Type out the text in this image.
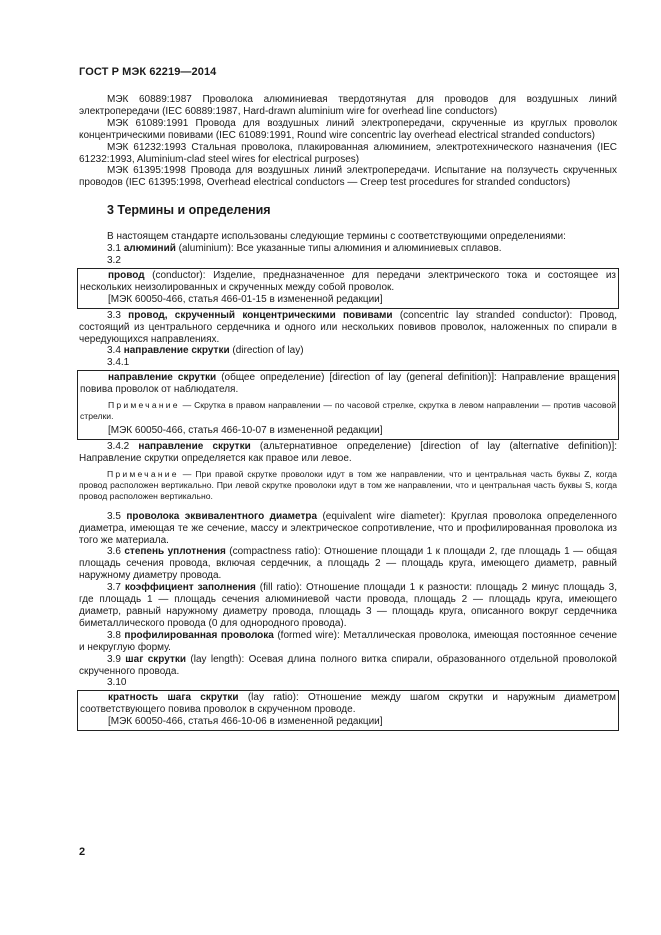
ГОСТ Р МЭК 62219—2014

МЭК 60889:1987 Проволока алюминиевая твердотянутая для проводов для воздушных линий электропередачи (IEC 60889:1987, Hard-drawn aluminium wire for overhead line conductors)

МЭК 61089:1991 Провода для воздушных линий электропередачи, скрученные из круглых проволок концентрическими повивами (IEC 61089:1991, Round wire concentric lay overhead electrical stranded conductors)

МЭК 61232:1993 Стальная проволока, плакированная алюминием, электротехнического назначения (IEC 61232:1993, Aluminium-clad steel wires for electrical purposes)

МЭК 61395:1998 Провода для воздушных линий электропередачи. Испытание на ползучесть скрученных проводов (IEC 61395:1998, Overhead electrical conductors — Creep test procedures for stranded conductors)

3 Термины и определения

В настоящем стандарте использованы следующие термины с соответствующими определениями:

3.1 алюминий (aluminium): Все указанные типы алюминия и алюминиевых сплавов.

3.2

провод (conductor): Изделие, предназначенное для передачи электрического тока и состоящее из нескольких неизолированных и скрученных между собой проволок.

[МЭК 60050-466, статья 466-01-15 в измененной редакции]

3.3 провод, скрученный концентрическими повивами (concentric lay stranded conductor): Провод, состоящий из центрального сердечника и одного или нескольких повивов проволок, наложенных по спирали в чередующихся направлениях.

3.4 направление скрутки (direction of lay)

3.4.1

направление скрутки (общее определение) [direction of lay (general definition)]: Направление вращения повива проволок от наблюдателя.

Примечание — Скрутка в правом направлении — по часовой стрелке, скрутка в левом направлении — против часовой стрелки.

[МЭК 60050-466, статья 466-10-07 в измененной редакции]

3.4.2 направление скрутки (альтернативное определение) [direction of lay (alternative definition)]: Направление скрутки определяется как правое или левое.

Примечание — При правой скрутке проволоки идут в том же направлении, что и центральная часть буквы Z, когда провод расположен вертикально. При левой скрутке проволоки идут в том же направлении, что и центральная часть буквы S, когда провод расположен вертикально.

3.5 проволока эквивалентного диаметра (equivalent wire diameter): Круглая проволока определенного диаметра, имеющая те же сечение, массу и электрическое сопротивление, что и профилированная проволока из того же материала.

3.6 степень уплотнения (compactness ratio): Отношение площади 1 к площади 2, где площадь 1 — общая площадь сечения провода, включая сердечник, а площадь 2 — площадь круга, имеющего диаметр, равный наружному диаметру провода.

3.7 коэффициент заполнения (fill ratio): Отношение площади 1 к разности: площадь 2 минус площадь 3, где площадь 1 — площадь сечения алюминиевой части провода, площадь 2 — площадь круга, имеющего диаметр, равный наружному диаметру провода, площадь 3 — площадь круга, описанного вокруг сердечника биметаллического провода (0 для однородного провода).

3.8 профилированная проволока (formed wire): Металлическая проволока, имеющая постоянное сечение и некруглую форму.

3.9 шаг скрутки (lay length): Осевая длина полного витка спирали, образованного отдельной проволокой скрученного провода.

3.10

кратность шага скрутки (lay ratio): Отношение между шагом скрутки и наружным диаметром соответствующего повива проволок в скрученном проводе.

[МЭК 60050-466, статья 466-10-06 в измененной редакции]

2
